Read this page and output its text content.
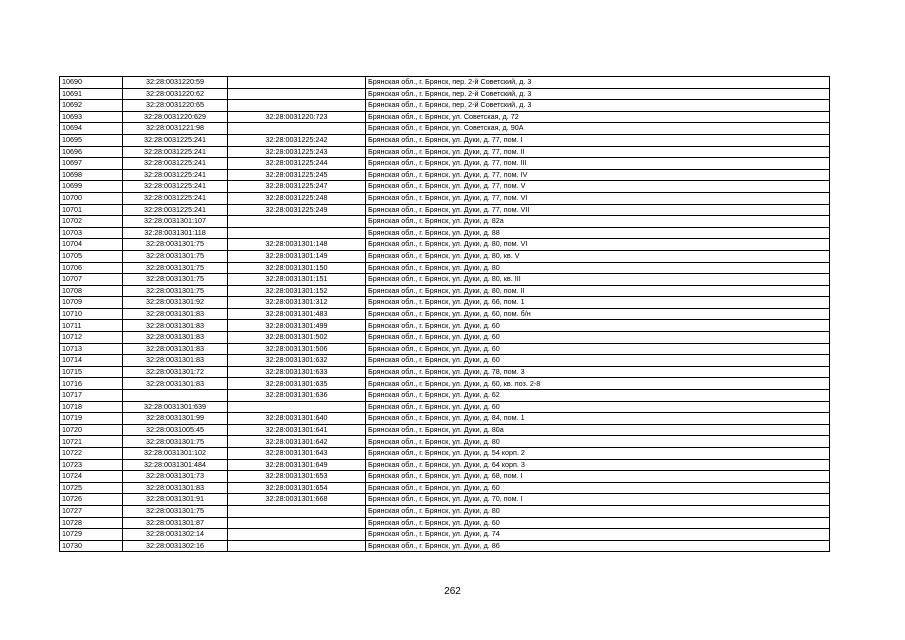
10690	32:28:0031220:59		Брянская обл., г. Брянск, пер. 2-й Советский, д. 3
10691	32:28:0031220:62		Брянская обл., г. Брянск, пер. 2-й Советский, д. 3
10692	32:28:0031220:65		Брянская обл., г. Брянск, пер. 2-й Советский, д. 3
10693	32:28:0031220:629	32:28:0031220:723	Брянская обл., г. Брянск, ул. Советская, д. 72
10694	32:28:0031221:98		Брянская обл., г. Брянск, ул. Советская, д. 90А
10695	32:28:0031225:241	32:28:0031225:242	Брянская обл., г. Брянск, ул. Дуки, д. 77, пом. I
10696	32:28:0031225:241	32:28:0031225:243	Брянская обл., г. Брянск, ул. Дуки, д. 77, пом. II
10697	32:28:0031225:241	32:28:0031225:244	Брянская обл., г. Брянск, ул. Дуки, д. 77, пом. III
10698	32:28:0031225:241	32:28:0031225:245	Брянская обл., г. Брянск, ул. Дуки, д. 77, пом. IV
10699	32:28:0031225:241	32:28:0031225:247	Брянская обл., г. Брянск, ул. Дуки, д. 77, пом. V
10700	32:28:0031225:241	32:28:0031225:248	Брянская обл., г. Брянск, ул. Дуки, д. 77, пом. VI
10701	32:28:0031225:241	32:28:0031225:249	Брянская обл., г. Брянск, ул. Дуки, д. 77, пом. VII
10702	32:28:0031301:107		Брянская обл., г. Брянск, ул. Дуки, д. 82а
10703	32:28:0031301:118		Брянская обл., г. Брянск, ул. Дуки, д. 88
10704	32:28:0031301:75	32:28:0031301:148	Брянская обл., г. Брянск, ул. Дуки, д. 80, пом. VI
10705	32:28:0031301:75	32:28:0031301:149	Брянская обл., г. Брянск, ул. Дуки, д. 80, кв. V
10706	32:28:0031301:75	32:28:0031301:150	Брянская обл., г. Брянск, ул. Дуки, д. 80
10707	32:28:0031301:75	32:28:0031301:151	Брянская обл., г. Брянск, ул. Дуки, д. 80, кв. III
10708	32:28:0031301:75	32:28:0031301:152	Брянская обл., г. Брянск, ул. Дуки, д. 80, пом. II
10709	32:28:0031301:92	32:28:0031301:312	Брянская обл., г. Брянск, ул. Дуки, д. 66, пом. 1
10710	32:28:0031301:83	32:28:0031301:483	Брянская обл., г. Брянск, ул. Дуки, д. 60, пом. б/н
10711	32:28:0031301:83	32:28:0031301:499	Брянская обл., г. Брянск, ул. Дуки, д. 60
10712	32:28:0031301:83	32:28:0031301:502	Брянская обл., г. Брянск, ул. Дуки, д. 60
10713	32:28:0031301:83	32:28:0031301:506	Брянская обл., г. Брянск, ул. Дуки, д. 60
10714	32:28:0031301:83	32:28:0031301:632	Брянская обл., г. Брянск, ул. Дуки, д. 60
10715	32:28:0031301:72	32:28:0031301:633	Брянская обл., г. Брянск, ул. Дуки, д. 78, пом. 3
10716	32:28:0031301:83	32:28:0031301:635	Брянская обл., г. Брянск, ул. Дуки, д. 60, кв. поз. 2-8
10717		32:28:0031301:636	Брянская обл., г. Брянск, ул. Дуки, д. 62
10718	32:28:0031301:639		Брянская обл., г. Брянск, ул. Дуки, д. 60
10719	32:28:0031301:99	32:28:0031301:640	Брянская обл., г. Брянск, ул. Дуки, д. 84, пом. 1
10720	32:28:0031005:45	32:28:0031301:641	Брянская обл., г. Брянск, ул. Дуки, д. 80а
10721	32:28:0031301:75	32:28:0031301:642	Брянская обл., г. Брянск, ул. Дуки, д. 80
10722	32:28:0031301:102	32:28:0031301:643	Брянская обл., г. Брянск, ул. Дуки, д. 54 корп. 2
10723	32:28:0031301:484	32:28:0031301:649	Брянская обл., г. Брянск, ул. Дуки, д. 64 корп. 3
10724	32:28:0031301:73	32:28:0031301:653	Брянская обл., г. Брянск, ул. Дуки, д. 68, пом. I
10725	32:28:0031301:83	32:28:0031301:654	Брянская обл., г. Брянск, ул. Дуки, д. 60
10726	32:28:0031301:91	32:28:0031301:668	Брянская обл., г. Брянск, ул. Дуки, д. 70, пом. I
10727	32:28:0031301:75		Брянская обл., г. Брянск, ул. Дуки, д. 80
10728	32:28:0031301:87		Брянская обл., г. Брянск, ул. Дуки, д. 60
10729	32:28:0031302:14		Брянская обл., г. Брянск, ул. Дуки, д. 74
10730	32:28:0031302:16		Брянская обл., г. Брянск, ул. Дуки, д. 86
262
